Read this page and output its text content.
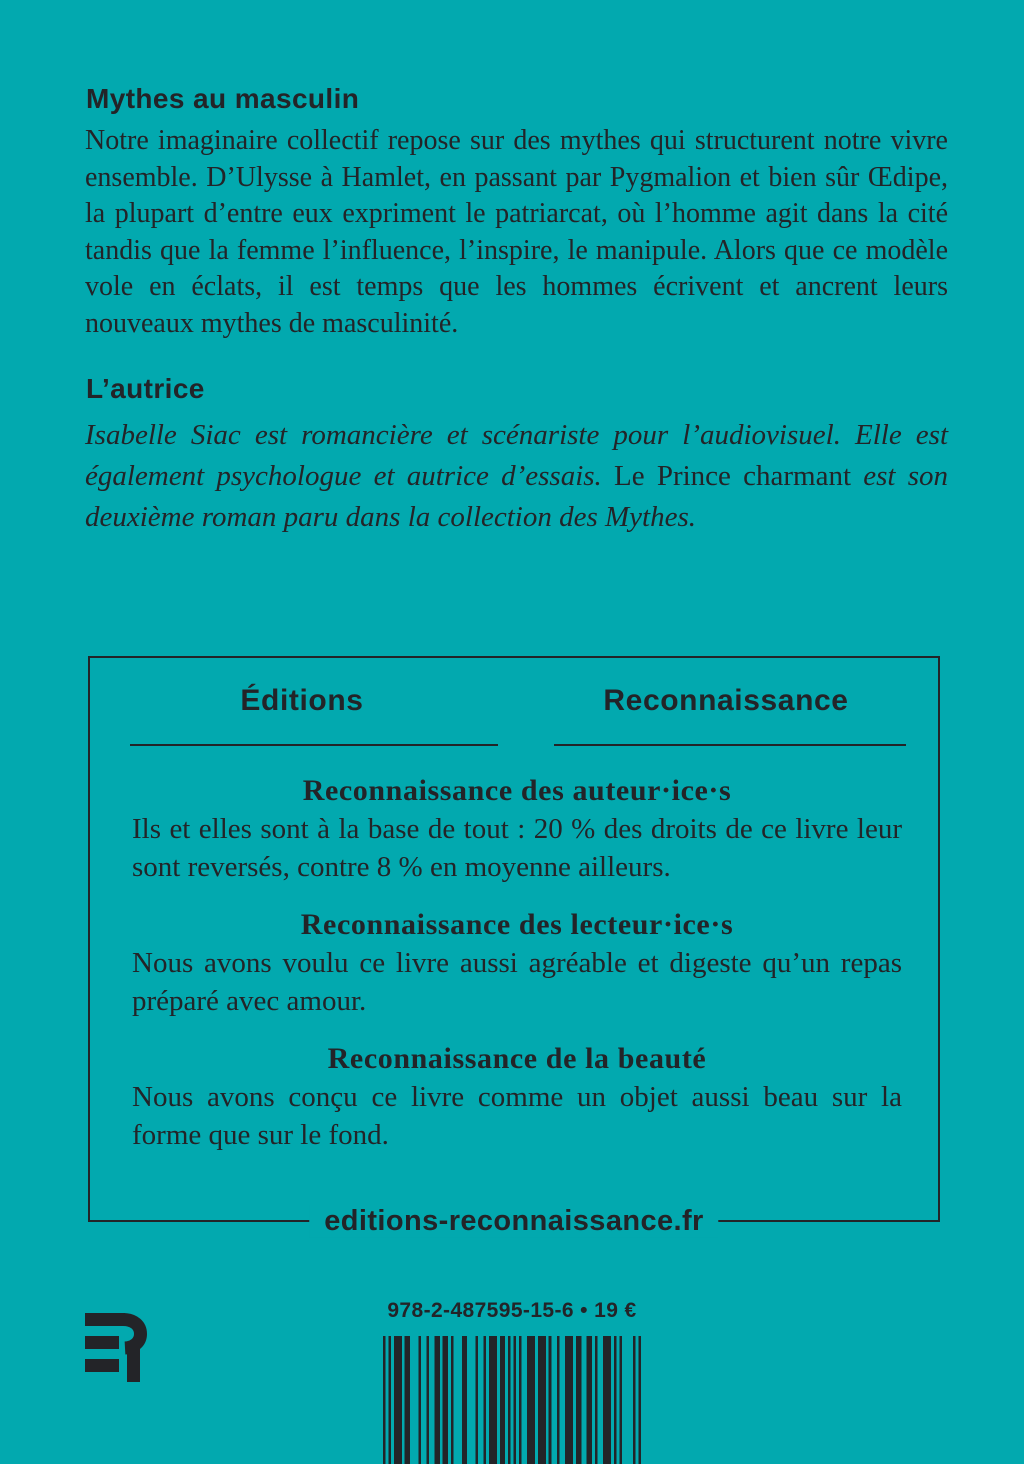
Mythes au masculin

Notre imaginaire collectif repose sur des mythes qui structurent notre vivre ensemble. D’Ulysse à Hamlet, en passant par Pygmalion et bien sûr Œdipe, la plupart d’entre eux expriment le patriarcat, où l’homme agit dans la cité tandis que la femme l’influence, l’inspire, le manipule. Alors que ce modèle vole en éclats, il est temps que les hommes écrivent et ancrent leurs nouveaux mythes de masculinité.

L’autrice

Isabelle Siac est romancière et scénariste pour l’audiovisuel. Elle est également psychologue et autrice d’essais. Le Prince charmant est son deuxième roman paru dans la collection des Mythes.

Éditions	Reconnaissance
Reconnaissance des auteur·ice·s
Ils et elles sont à la base de tout : 20 % des droits de ce livre leur sont reversés, contre 8 % en moyenne ailleurs.
Reconnaissance des lecteur·ice·s
Nous avons voulu ce livre aussi agréable et digeste qu’un repas préparé avec amour.
Reconnaissance de la beauté
Nous avons conçu ce livre comme un objet aussi beau sur la forme que sur le fond.
editions-reconnaissance.fr
978-2-487595-15-6 • 19 €
